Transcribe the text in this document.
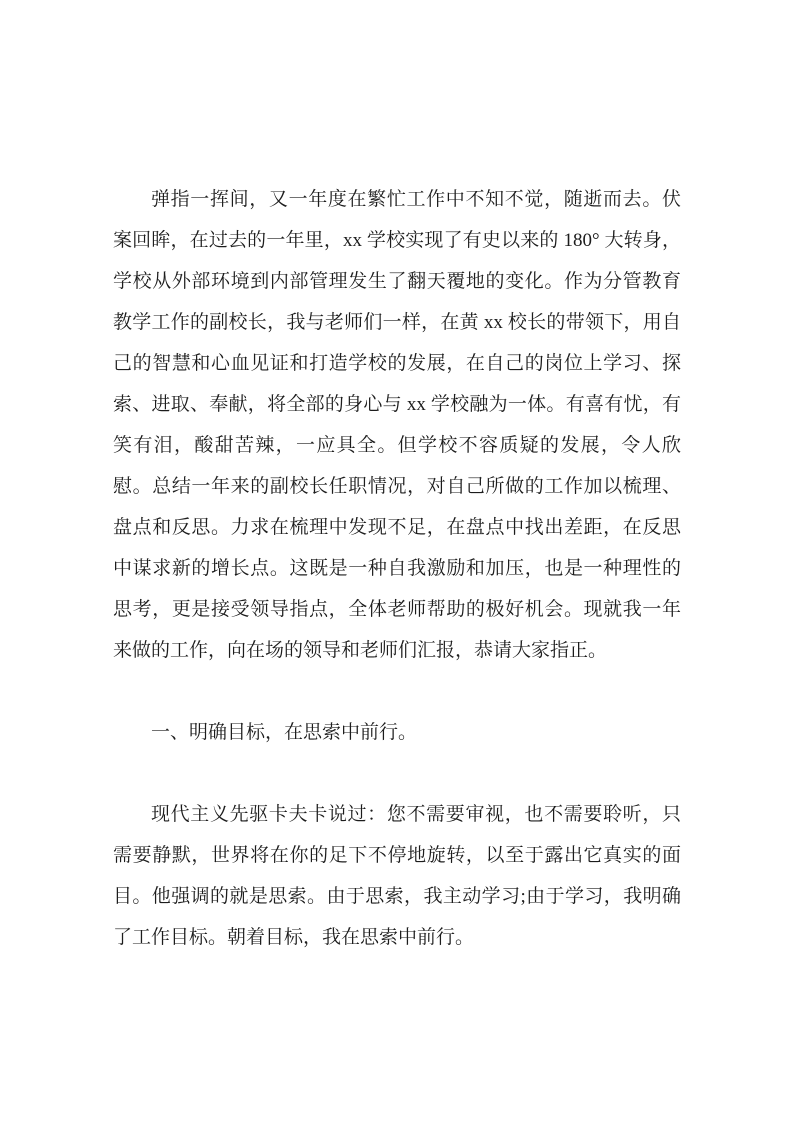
弹指一挥间，又一年度在繁忙工作中不知不觉，随逝而去。伏案回眸，在过去的一年里，xx 学校实现了有史以来的 180° 大转身，学校从外部环境到内部管理发生了翻天覆地的变化。作为分管教育教学工作的副校长，我与老师们一样，在黄 xx 校长的带领下，用自己的智慧和心血见证和打造学校的发展，在自己的岗位上学习、探索、进取、奉献，将全部的身心与 xx 学校融为一体。有喜有忧，有笑有泪，酸甜苦辣，一应具全。但学校不容质疑的发展，令人欣慰。总结一年来的副校长任职情况，对自己所做的工作加以梳理、盘点和反思。力求在梳理中发现不足，在盘点中找出差距，在反思中谋求新的增长点。这既是一种自我激励和加压，也是一种理性的思考，更是接受领导指点，全体老师帮助的极好机会。现就我一年来做的工作，向在场的领导和老师们汇报，恭请大家指正。

一、明确目标，在思索中前行。

现代主义先驱卡夫卡说过：您不需要审视，也不需要聆听，只需要静默，世界将在你的足下不停地旋转，以至于露出它真实的面目。他强调的就是思索。由于思索，我主动学习;由于学习，我明确了工作目标。朝着目标，我在思索中前行。
